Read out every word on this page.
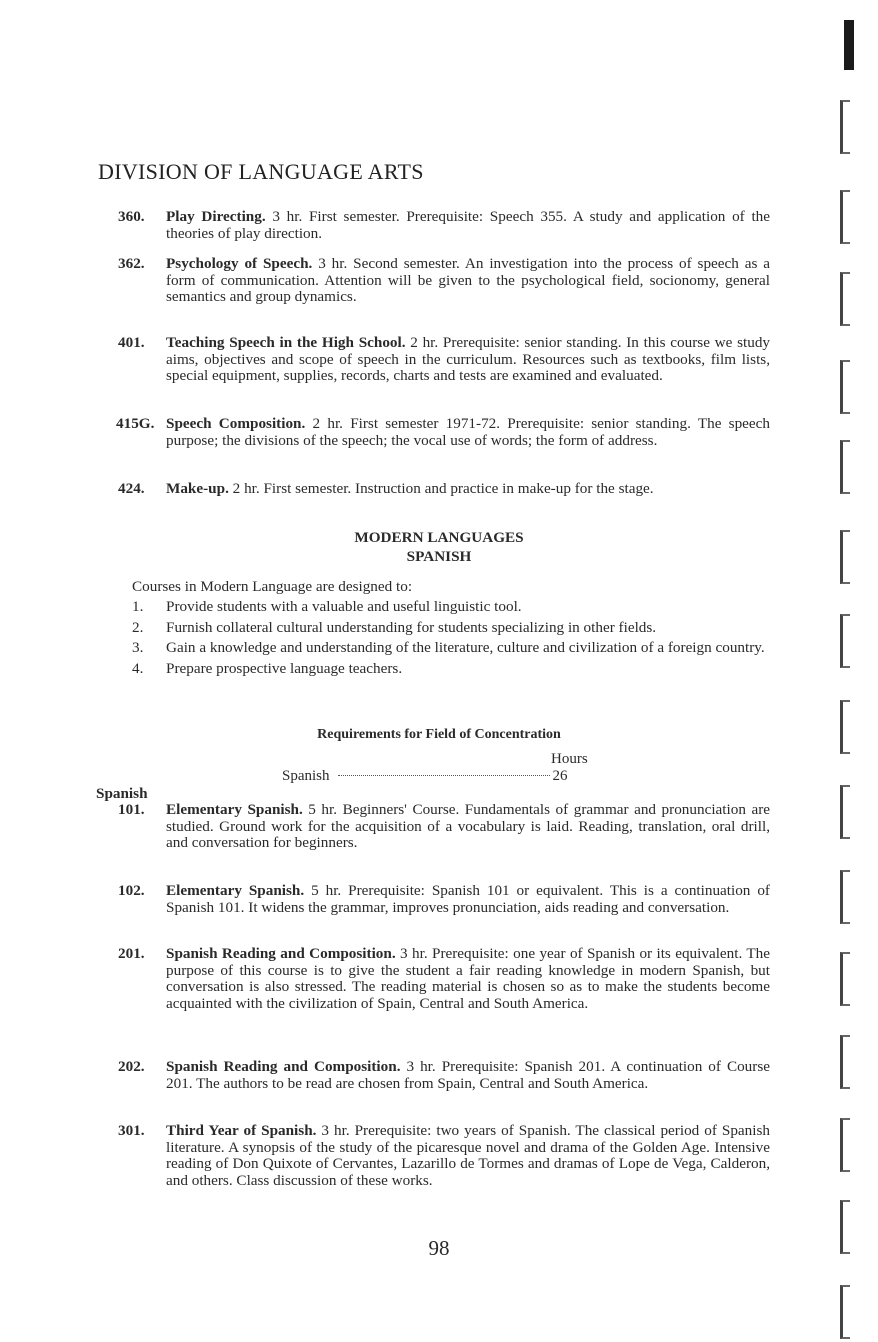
DIVISION OF LANGUAGE ARTS
360. Play Directing. 3 hr. First semester. Prerequisite: Speech 355. A study and application of the theories of play direction.
362. Psychology of Speech. 3 hr. Second semester. An investigation into the process of speech as a form of communication. Attention will be given to the psychological field, socionomy, general semantics and group dynamics.
401. Teaching Speech in the High School. 2 hr. Prerequisite: senior standing. In this course we study aims, objectives and scope of speech in the curriculum. Resources such as textbooks, film lists, special equipment, supplies, records, charts and tests are examined and evaluated.
415G. Speech Composition. 2 hr. First semester 1971-72. Prerequisite: senior standing. The speech purpose; the divisions of the speech; the vocal use of words; the form of address.
424. Make-up. 2 hr. First semester. Instruction and practice in make-up for the stage.
MODERN LANGUAGES
SPANISH
Courses in Modern Language are designed to:
1. Provide students with a valuable and useful linguistic tool.
2. Furnish collateral cultural understanding for students specializing in other fields.
3. Gain a knowledge and understanding of the literature, culture and civilization of a foreign country.
4. Prepare prospective language teachers.
Requirements for Field of Concentration
Hours
Spanish	26
Spanish
101. Elementary Spanish. 5 hr. Beginners' Course. Fundamentals of grammar and pronunciation are studied. Ground work for the acquisition of a vocabulary is laid. Reading, translation, oral drill, and conversation for beginners.
102. Elementary Spanish. 5 hr. Prerequisite: Spanish 101 or equivalent. This is a continuation of Spanish 101. It widens the grammar, improves pronunciation, aids reading and conversation.
201. Spanish Reading and Composition. 3 hr. Prerequisite: one year of Spanish or its equivalent. The purpose of this course is to give the student a fair reading knowledge in modern Spanish, but conversation is also stressed. The reading material is chosen so as to make the students become acquainted with the civilization of Spain, Central and South America.
202. Spanish Reading and Composition. 3 hr. Prerequisite: Spanish 201. A continuation of Course 201. The authors to be read are chosen from Spain, Central and South America.
301. Third Year of Spanish. 3 hr. Prerequisite: two years of Spanish. The classical period of Spanish literature. A synopsis of the study of the picaresque novel and drama of the Golden Age. Intensive reading of Don Quixote of Cervantes, Lazarillo de Tormes and dramas of Lope de Vega, Calderon, and others. Class discussion of these works.
98
